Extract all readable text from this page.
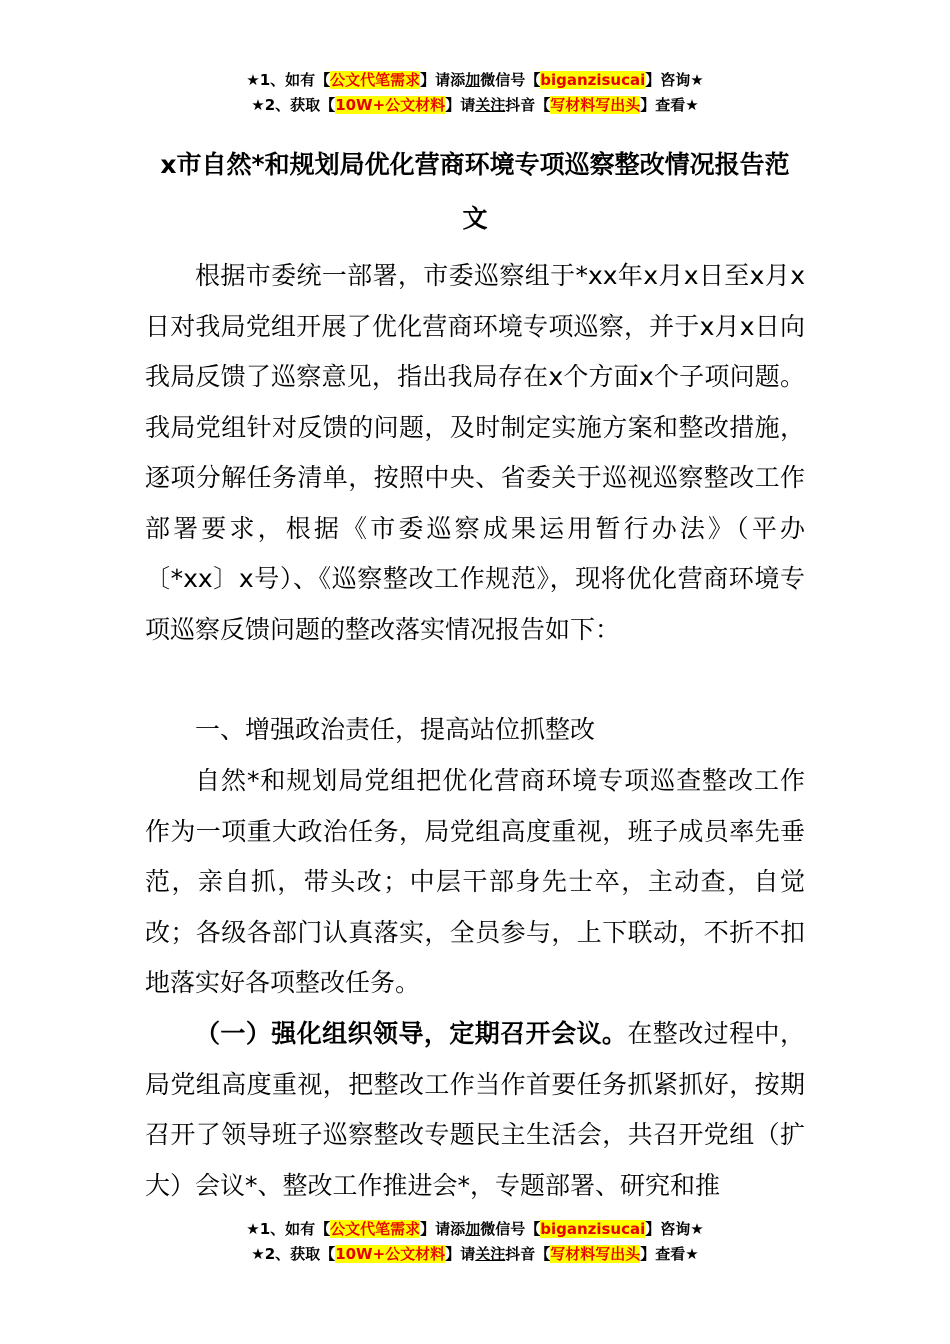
★1、如有【公文代笔需求】请添加微信号【biganzisucai】咨询★
★2、获取【10W+公文材料】请关注抖音【写材料写出头】查看★
x市自然*和规划局优化营商环境专项巡察整改情况报告范文
根据市委统一部署，市委巡察组于*xx年x月x日至x月x日对我局党组开展了优化营商环境专项巡察，并于x月x日向我局反馈了巡察意见，指出我局存在x个方面x个子项问题。我局党组针对反馈的问题，及时制定实施方案和整改措施，逐项分解任务清单，按照中央、省委关于巡视巡察整改工作部署要求，根据《市委巡察成果运用暂行办法》（平办〔*xx〕x号）、《巡察整改工作规范》，现将优化营商环境专项巡察反馈问题的整改落实情况报告如下：
一、增强政治责任，提高站位抓整改
自然*和规划局党组把优化营商环境专项巡查整改工作作为一项重大政治任务，局党组高度重视，班子成员率先垂范，亲自抓，带头改；中层干部身先士卒，主动查，自觉改；各级各部门认真落实，全员参与，上下联动，不折不扣地落实好各项整改任务。
（一）强化组织领导，定期召开会议。在整改过程中，局党组高度重视，把整改工作当作首要任务抓紧抓好，按期召开了领导班子巡察整改专题民主生活会，共召开党组（扩大）会议*、整改工作推进会*，专题部署、研究和推
★1、如有【公文代笔需求】请添加微信号【biganzisucai】咨询★
★2、获取【10W+公文材料】请关注抖音【写材料写出头】查看★
